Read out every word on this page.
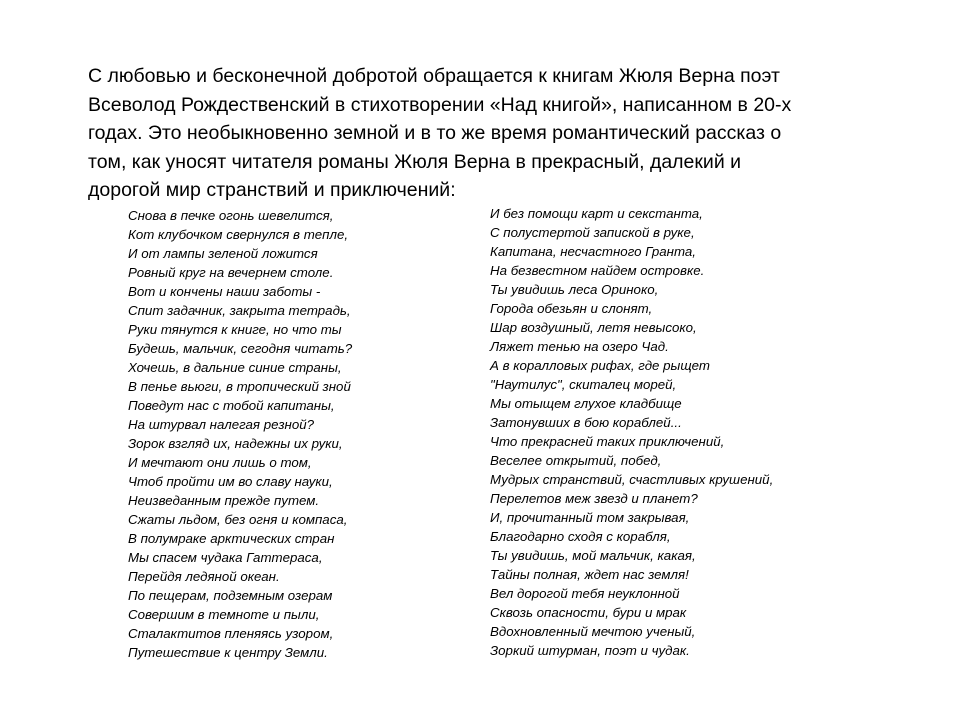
С любовью и бесконечной добротой обращается к книгам Жюля Верна поэт
Всеволод Рождественский в стихотворении «Над книгой», написанном в 20-х
годах. Это необыкновенно земной и в то же время романтический рассказ о
том, как уносят читателя романы Жюля Верна в прекрасный, далекий и
дорогой мир странствий и приключений:
Снова в печке огонь шевелится,
Кот клубочком свернулся в тепле,
И от лампы зеленой ложится
Ровный круг на вечернем столе.
Вот и кончены наши заботы -
Спит задачник, закрыта тетрадь,
Руки тянутся к книге, но что ты
Будешь, мальчик, сегодня читать?
Хочешь, в дальние синие страны,
В пенье вьюги, в тропический зной
Поведут нас с тобой капитаны,
На штурвал налегая резной?
Зорок взгляд их, надежны их руки,
И мечтают они лишь о том,
Чтоб пройти им во славу науки,
Неизведанным прежде путем.
Сжаты льдом, без огня и компаса,
В полумраке арктических стран
Мы спасем чудака Гаттераса,
Перейдя ледяной океан.
По пещерам, подземным озерам
Совершим в темноте и пыли,
Сталактитов пленяясь узором,
Путешествие к центру Земли.
И без помощи карт и секстанта,
С полустертой запиской в руке,
Капитана, несчастного Гранта,
На безвестном найдем островке.
Ты увидишь леса Ориноко,
Города обезьян и слонят,
Шар воздушный, летя невысоко,
Ляжет тенью на озеро Чад.
А в коралловых рифах, где рыщет
"Наутилус", скиталец морей,
Мы отыщем глухое кладбище
Затонувших в бою кораблей...
Что прекрасней таких приключений,
Веселее открытий, побед,
Мудрых странствий, счастливых крушений,
Перелетов меж звезд и планет?
И, прочитанный том закрывая,
Благодарно сходя с корабля,
Ты увидишь, мой мальчик, какая,
Тайны полная, ждет нас земля!
Вел дорогой тебя неуклонной
Сквозь опасности, бури и мрак
Вдохновленный мечтою ученый,
Зоркий штурман, поэт и чудак.
